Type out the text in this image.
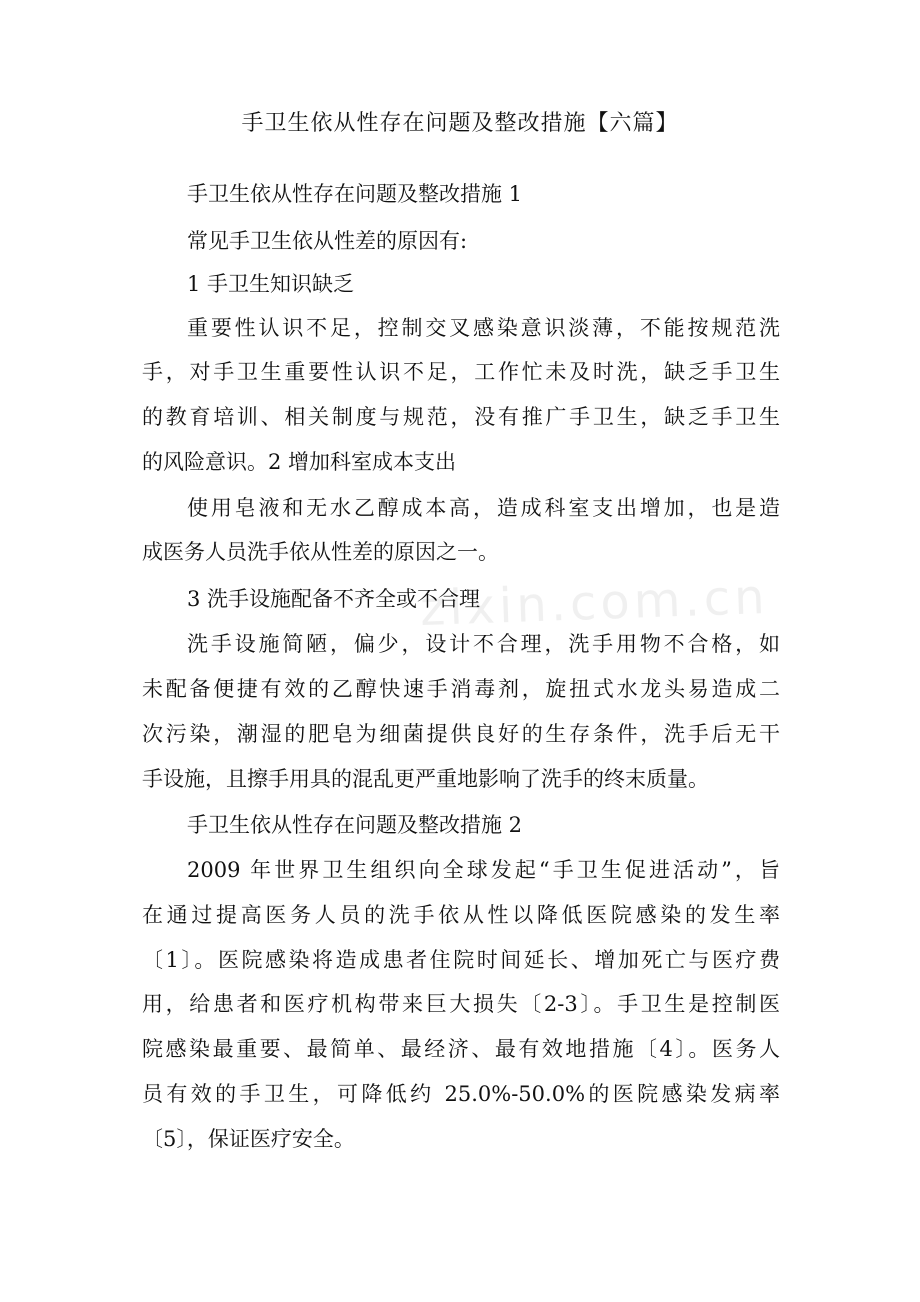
zixin.com.cn
手卫生依从性存在问题及整改措施【六篇】
手卫生依从性存在问题及整改措施 1
常见手卫生依从性差的原因有:
1 手卫生知识缺乏
重要性认识不足，控制交叉感染意识淡薄，不能按规范洗
手，对手卫生重要性认识不足，工作忙未及时洗，缺乏手卫生
的教育培训、相关制度与规范，没有推广手卫生，缺乏手卫生
的风险意识。2 增加科室成本支出
使用皂液和无水乙醇成本高，造成科室支出增加，也是造
成医务人员洗手依从性差的原因之一。
3 洗手设施配备不齐全或不合理
洗手设施简陋，偏少，设计不合理，洗手用物不合格，如
未配备便捷有效的乙醇快速手消毒剂，旋扭式水龙头易造成二
次污染，潮湿的肥皂为细菌提供良好的生存条件，洗手后无干
手设施，且擦手用具的混乱更严重地影响了洗手的终末质量。
手卫生依从性存在问题及整改措施 2
2009 年世界卫生组织向全球发起“手卫生促进活动”，旨
在通过提高医务人员的洗手依从性以降低医院感染的发生率
〔1〕。医院感染将造成患者住院时间延长、增加死亡与医疗费
用，给患者和医疗机构带来巨大损失〔2-3〕。手卫生是控制医
院感染最重要、最简单、最经济、最有效地措施〔4〕。医务人
员有效的手卫生，可降低约 25.0%-50.0%的医院感染发病率
〔5〕，保证医疗安全。
